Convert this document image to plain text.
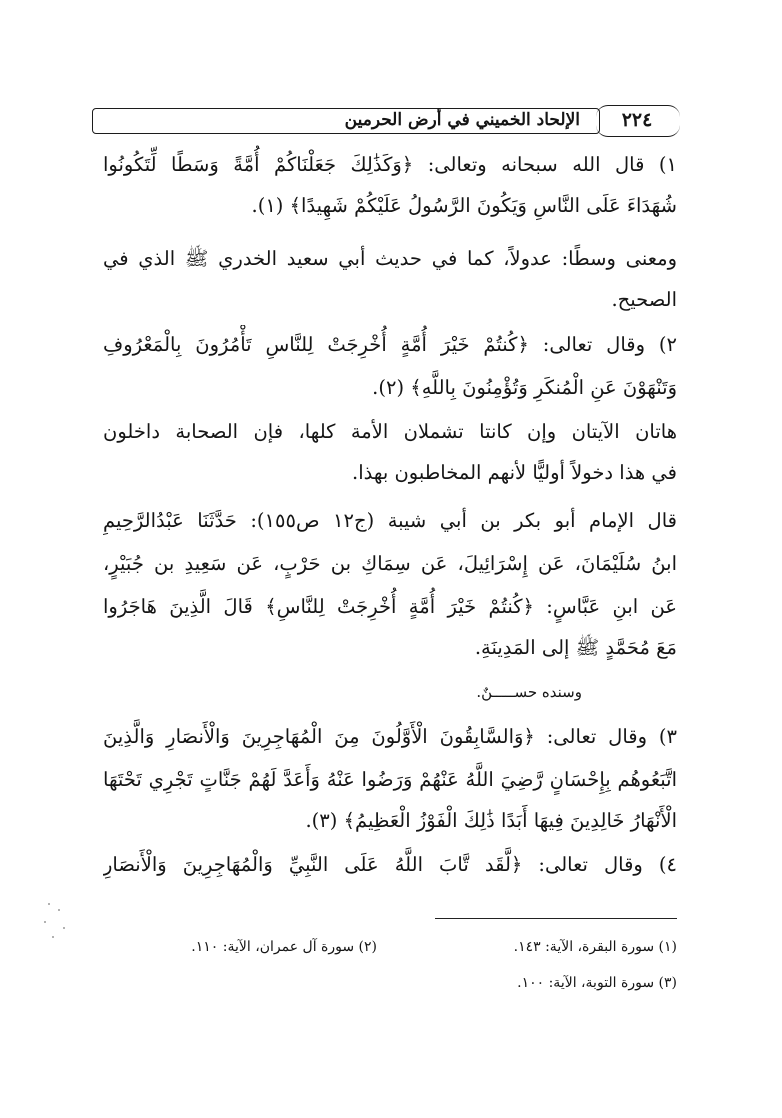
الإلحاد الخميني في أرض الحرمين	٢٢٤
١) قال الله سبحانه وتعالى: ﴿وَكَذَٰلِكَ جَعَلْنَاكُمْ أُمَّةً وَسَطًا لِّتَكُونُوا
شُهَدَاءَ عَلَى النَّاسِ وَيَكُونَ الرَّسُولُ عَلَيْكُمْ شَهِيدًا﴾ (١).
ومعنى وسطًا: عدولاً، كما في حديث أبي سعيد الخدري ﷺ الذي في
الصحيح.
٢) وقال تعالى: ﴿كُنتُمْ خَيْرَ أُمَّةٍ أُخْرِجَتْ لِلنَّاسِ تَأْمُرُونَ بِالْمَعْرُوفِ
وَتَنْهَوْنَ عَنِ الْمُنكَرِ وَتُؤْمِنُونَ بِاللَّهِ﴾ (٢).
هاتان الآيتان وإن كانتا تشملان الأمة كلها، فإن الصحابة داخلون
في هذا دخولاً أوليًّا لأنهم المخاطبون بهذا.
قال الإمام أبو بكر بن أبي شيبة (ج١٢ ص١٥٥): حَدَّثَنَا عَبْدُالرَّحِيمِ
ابنُ سُلَيْمَانَ، عَن إِسْرَائِيلَ، عَن سِمَاكِ بن حَرْبٍ، عَن سَعِيدِ بن جُبَيْرٍ،
عَن ابنِ عَبَّاسٍ: ﴿كُنتُمْ خَيْرَ أُمَّةٍ أُخْرِجَتْ لِلنَّاسِ﴾ قَالَ الَّذِينَ هَاجَرُوا
مَعَ مُحَمَّدٍ ﷺ إلى المَدِينَةِ.
وسنده حســـــنٌ.
٣) وقال تعالى: ﴿وَالسَّابِقُونَ الْأَوَّلُونَ مِنَ الْمُهَاجِرِينَ وَالْأَنصَارِ وَالَّذِينَ
اتَّبَعُوهُم بِإِحْسَانٍ رَّضِيَ اللَّهُ عَنْهُمْ وَرَضُوا عَنْهُ وَأَعَدَّ لَهُمْ جَنَّاتٍ تَجْرِي تَحْتَهَا
الْأَنْهَارُ خَالِدِينَ فِيهَا أَبَدًا ذَٰلِكَ الْفَوْزُ الْعَظِيمُ﴾ (٣).
٤) وقال تعالى: ﴿لَّقَد تَّابَ اللَّهُ عَلَى النَّبِيِّ وَالْمُهَاجِرِينَ وَالْأَنصَارِ
(١) سورة البقرة، الآية: ١٤٣.
(٢) سورة آل عمران، الآية: ١١٠.
(٣) سورة التوبة، الآية: ١٠٠.
